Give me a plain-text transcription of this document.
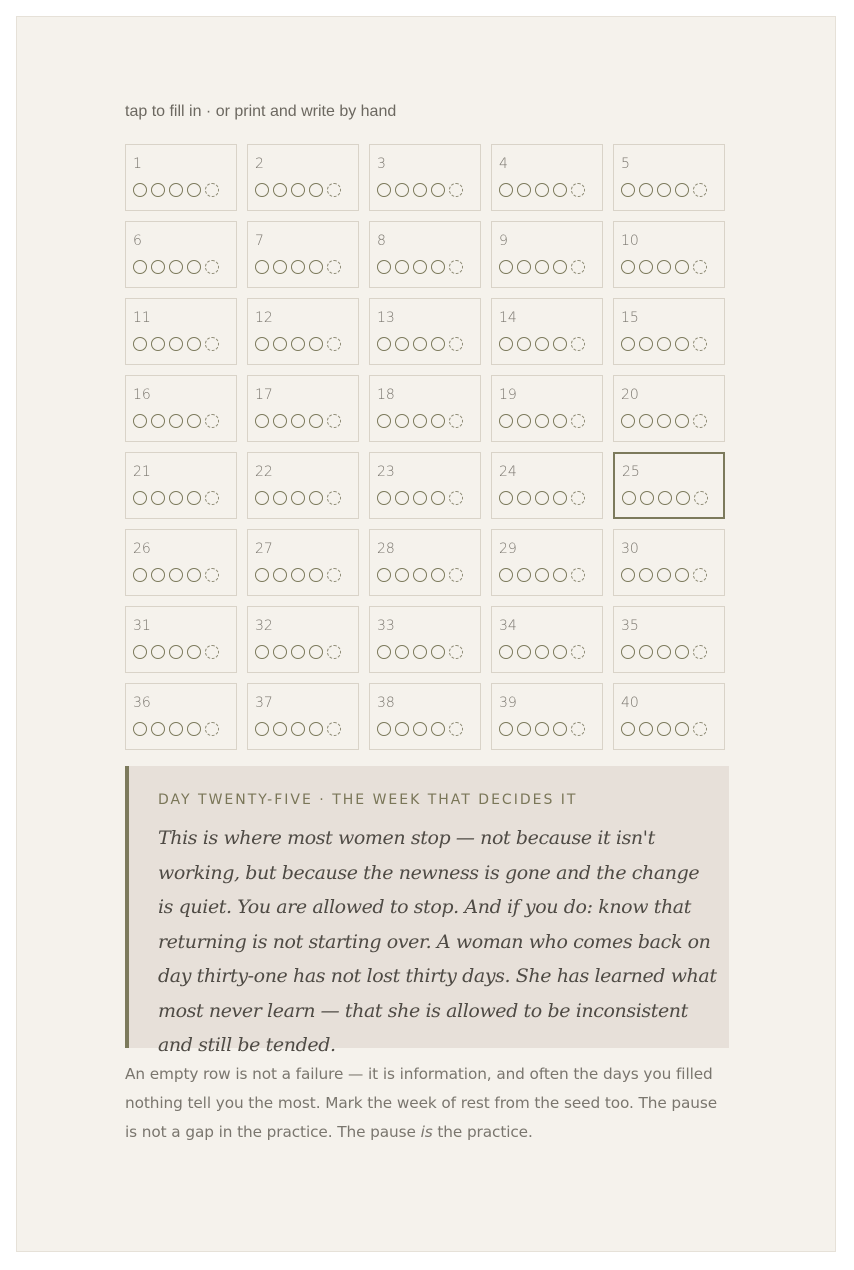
tap to fill in · or print and write by hand
1	2	3	4	5
6	7	8	9	10
11	12	13	14	15
16	17	18	19	20
21	22	23	24	25
26	27	28	29	30
31	32	33	34	35
36	37	38	39	40
DAY TWENTY-FIVE · THE WEEK THAT DECIDES IT
This is where most women stop — not because it isn't working, but because the newness is gone and the change is quiet. You are allowed to stop. And if you do: know that returning is not starting over. A woman who comes back on day thirty-one has not lost thirty days. She has learned what most never learn — that she is allowed to be inconsistent and still be tended.
An empty row is not a failure — it is information, and often the days you filled nothing tell you the most. Mark the week of rest from the seed too. The pause is not a gap in the practice. The pause is the practice.
